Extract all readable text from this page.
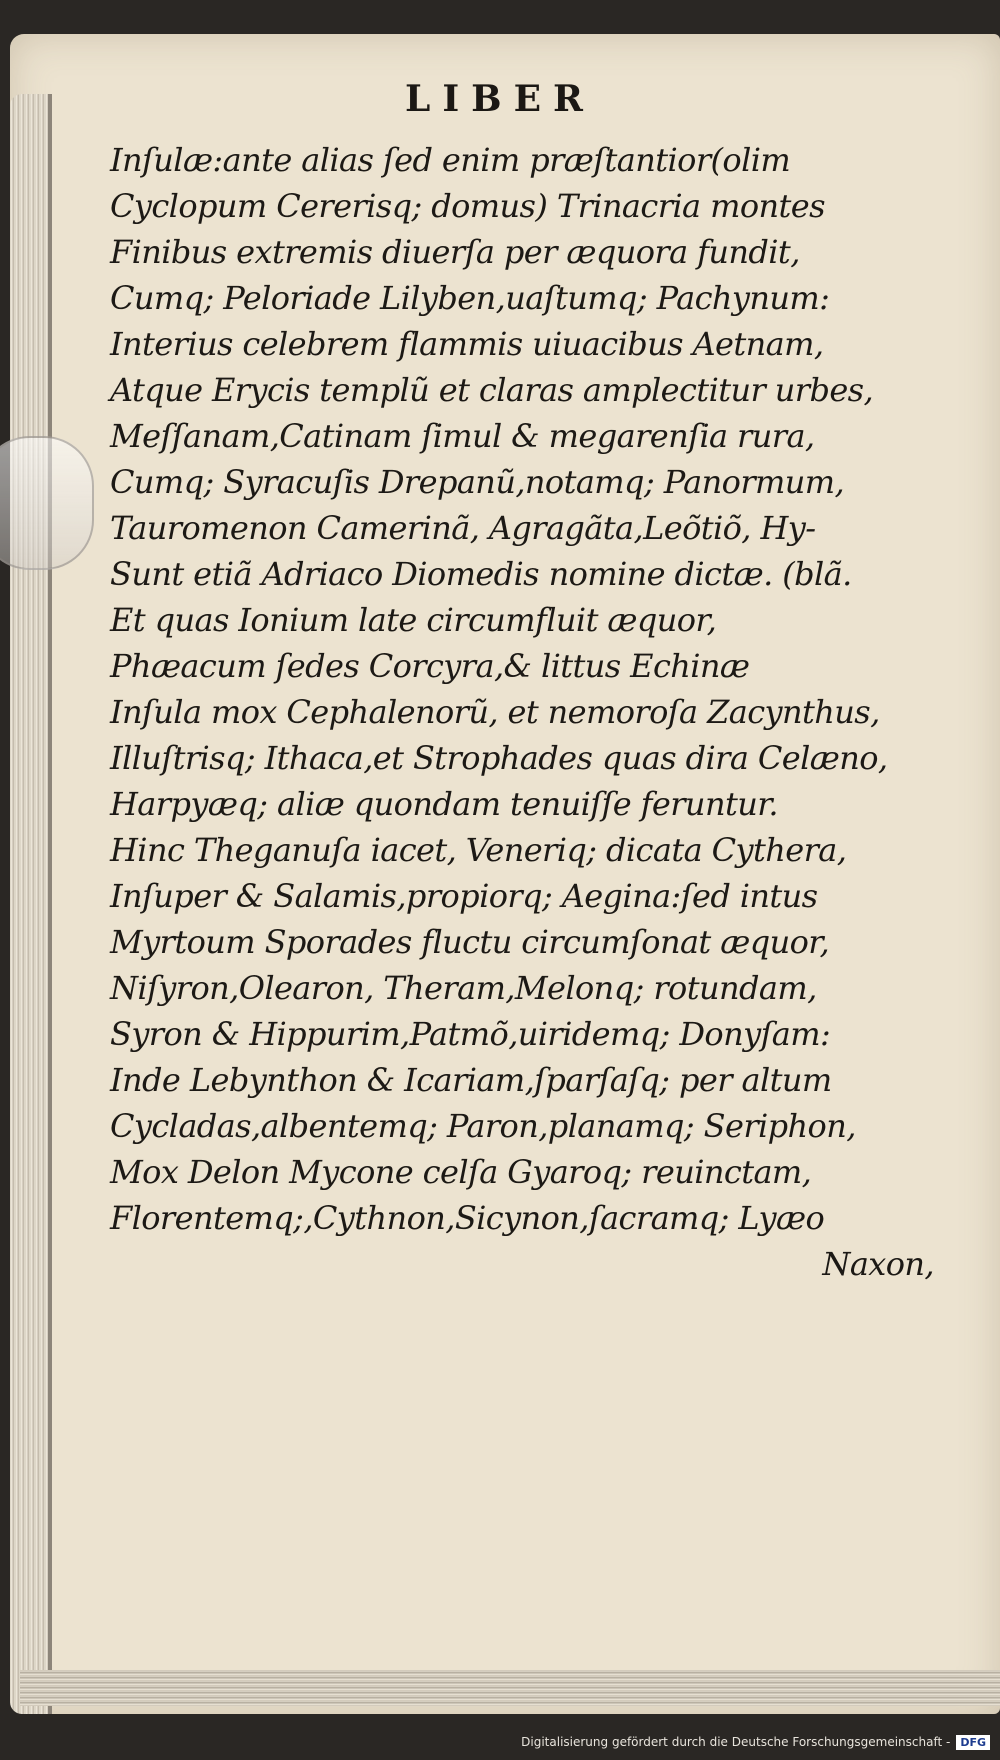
LIBER
Inſulæ:ante alias ſed enim præſtantior(olim
Cyclopum Cererisq; domus) Trinacria montes
Finibus extremis diuerſa per æquora fundit,
Cumq; Peloriade Lilyben,uaſtumq; Pachynum:
Interius celebrem flammis uiuacibus Aetnam,
Atque Erycis templũ et claras amplectitur urbes,
Meſſanam,Catinam ſimul & megarenſia rura,
Cumq; Syracuſis Drepanũ,notamq; Panormum,
Tauromenon Camerinã, Agragãta,Leõtiõ, Hy-
Sunt etiã Adriaco Diomedis nomine dictæ. (blã.
Et quas Ionium late circumfluit æquor,
Phæacum ſedes Corcyra,& littus Echinæ
Inſula mox Cephalenorũ, et nemoroſa Zacynthus,
Illuſtrisq; Ithaca,et Strophades quas dira Celæno,
Harpyæq; aliæ quondam tenuiſſe feruntur.
Hinc Theganuſa iacet, Veneriq; dicata Cythera,
Inſuper & Salamis,propiorq; Aegina:ſed intus
Myrtoum Sporades fluctu circumſonat æquor,
Niſyron,Olearon, Theram,Melonq; rotundam,
Syron & Hippurim,Patmõ,uiridemq; Donyſam:
Inde Lebynthon & Icariam,ſparſaſq; per altum
Cycladas,albentemq; Paron,planamq; Seriphon,
Mox Delon Mycone celſa Gyaroq; reuinctam,
Florentemq;,Cythnon,Sicynon,ſacramq; Lyæo
Naxon,
Digitalisierung gefördert durch die Deutsche Forschungsgemeinschaft - DFG
